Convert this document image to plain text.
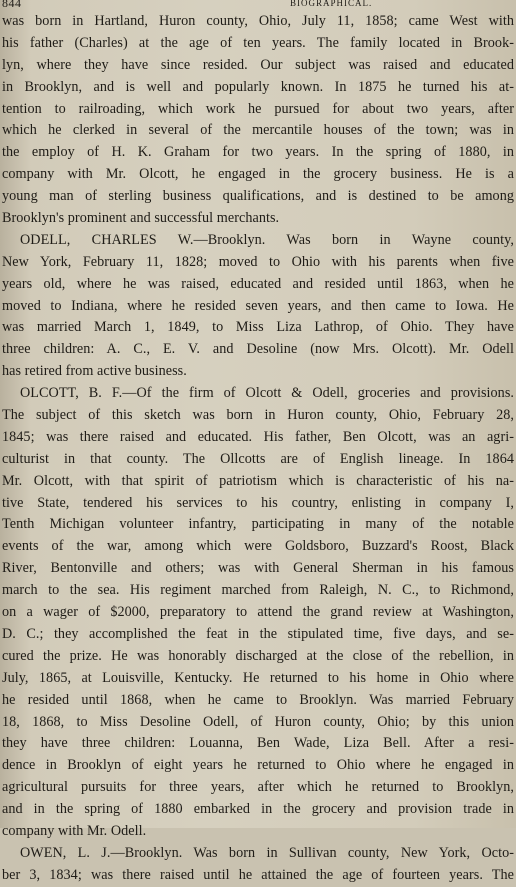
844	BIOGRAPHICAL.
was born in Hartland, Huron county, Ohio, July 11, 1858; came West with
his father (Charles) at the age of ten years. The family located in Brook-
lyn, where they have since resided. Our subject was raised and educated
in Brooklyn, and is well and popularly known. In 1875 he turned his at-
tention to railroading, which work he pursued for about two years, after
which he clerked in several of the mercantile houses of the town; was in
the employ of H. K. Graham for two years. In the spring of 1880, in
company with Mr. Olcott, he engaged in the grocery business. He is a
young man of sterling business qualifications, and is destined to be among
Brooklyn's prominent and successful merchants.
ODELL, CHARLES W.—Brooklyn. Was born in Wayne county,
New York, February 11, 1828; moved to Ohio with his parents when five
years old, where he was raised, educated and resided until 1863, when he
moved to Indiana, where he resided seven years, and then came to Iowa. He
was married March 1, 1849, to Miss Liza Lathrop, of Ohio. They have
three children: A. C., E. V. and Desoline (now Mrs. Olcott). Mr. Odell
has retired from active business.
OLCOTT, B. F.—Of the firm of Olcott & Odell, groceries and provisions.
The subject of this sketch was born in Huron county, Ohio, February 28,
1845; was there raised and educated. His father, Ben Olcott, was an agri-
culturist in that county. The Ollcotts are of English lineage. In 1864
Mr. Olcott, with that spirit of patriotism which is characteristic of his na-
tive State, tendered his services to his country, enlisting in company I,
Tenth Michigan volunteer infantry, participating in many of the notable
events of the war, among which were Goldsboro, Buzzard's Roost, Black
River, Bentonville and others; was with General Sherman in his famous
march to the sea. His regiment marched from Raleigh, N. C., to Richmond,
on a wager of $2000, preparatory to attend the grand review at Washington,
D. C.; they accomplished the feat in the stipulated time, five days, and se-
cured the prize. He was honorably discharged at the close of the rebellion, in
July, 1865, at Louisville, Kentucky. He returned to his home in Ohio where
he resided until 1868, when he came to Brooklyn. Was married February
18, 1868, to Miss Desoline Odell, of Huron county, Ohio; by this union
they have three children: Louanna, Ben Wade, Liza Bell. After a resi-
dence in Brooklyn of eight years he returned to Ohio where he engaged in
agricultural pursuits for three years, after which he returned to Brooklyn,
and in the spring of 1880 embarked in the grocery and provision trade in
company with Mr. Odell.
OWEN, L. J.—Brooklyn. Was born in Sullivan county, New York, Octo-
ber 3, 1834; was there raised until he attained the age of fourteen years. The
